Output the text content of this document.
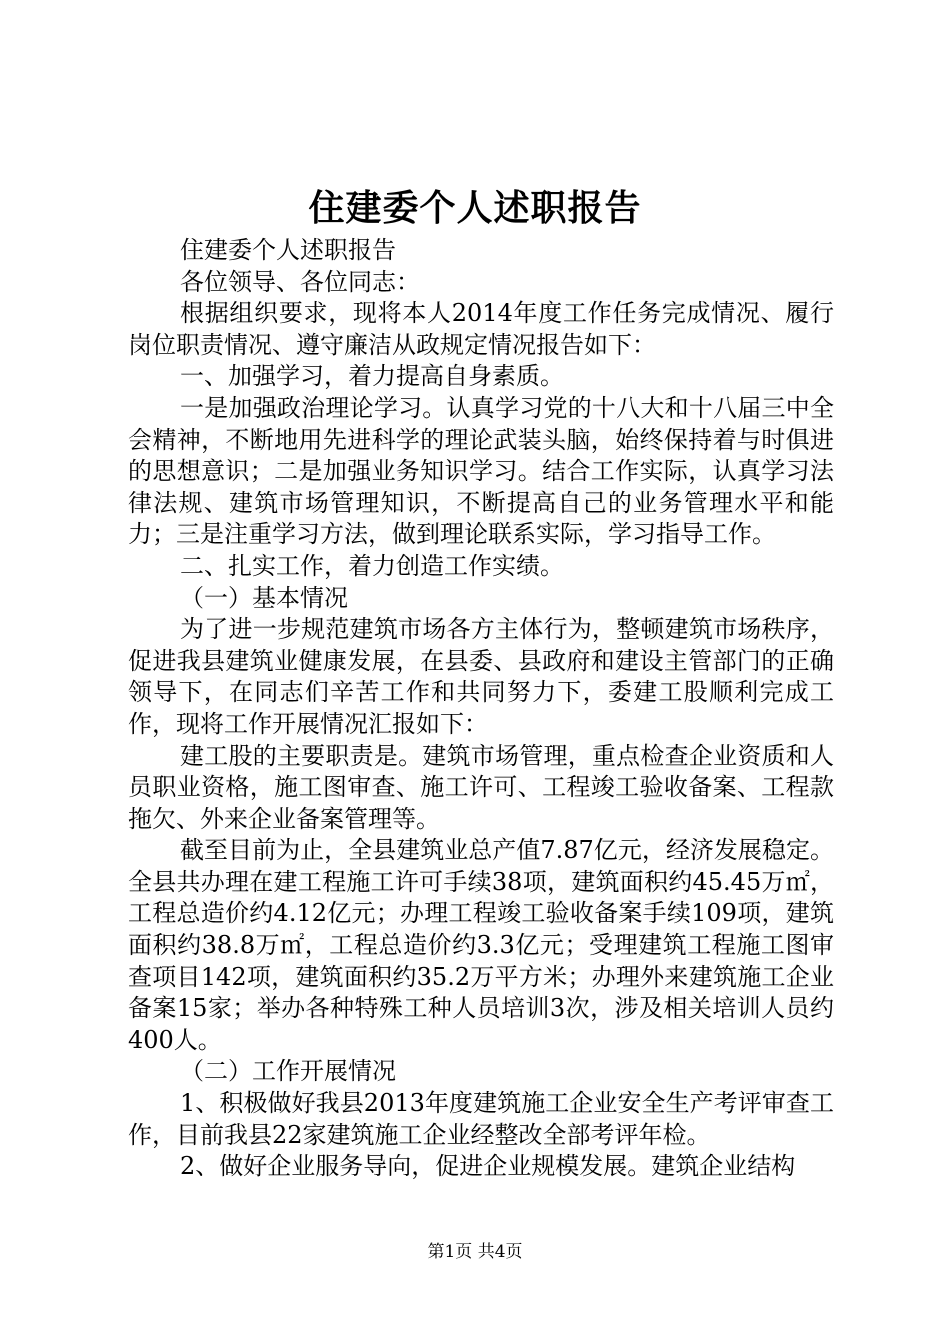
住建委个人述职报告

住建委个人述职报告

各位领导、各位同志：

根据组织要求，现将本人2014年度工作任务完成情况、履行岗位职责情况、遵守廉洁从政规定情况报告如下：

一、加强学习，着力提高自身素质。

一是加强政治理论学习。认真学习党的十八大和十八届三中全会精神，不断地用先进科学的理论武装头脑，始终保持着与时俱进的思想意识；二是加强业务知识学习。结合工作实际，认真学习法律法规、建筑市场管理知识，不断提高自己的业务管理水平和能力；三是注重学习方法，做到理论联系实际，学习指导工作。

二、扎实工作，着力创造工作实绩。

（一）基本情况

为了进一步规范建筑市场各方主体行为，整顿建筑市场秩序，促进我县建筑业健康发展，在县委、县政府和建设主管部门的正确领导下，在同志们辛苦工作和共同努力下，委建工股顺利完成工作，现将工作开展情况汇报如下：

建工股的主要职责是。建筑市场管理，重点检查企业资质和人员职业资格，施工图审查、施工许可、工程竣工验收备案、工程款拖欠、外来企业备案管理等。

截至目前为止，全县建筑业总产值7.87亿元，经济发展稳定。全县共办理在建工程施工许可手续38项，建筑面积约45.45万㎡，工程总造价约4.12亿元；办理工程竣工验收备案手续109项，建筑面积约38.8万㎡，工程总造价约3.3亿元；受理建筑工程施工图审查项目142项，建筑面积约35.2万平方米；办理外来建筑施工企业备案15家；举办各种特殊工种人员培训3次，涉及相关培训人员约400人。

（二）工作开展情况

1、积极做好我县2013年度建筑施工企业安全生产考评审查工作，目前我县22家建筑施工企业经整改全部考评年检。

2、做好企业服务导向，促进企业规模发展。建筑企业结构

第1页 共4页
